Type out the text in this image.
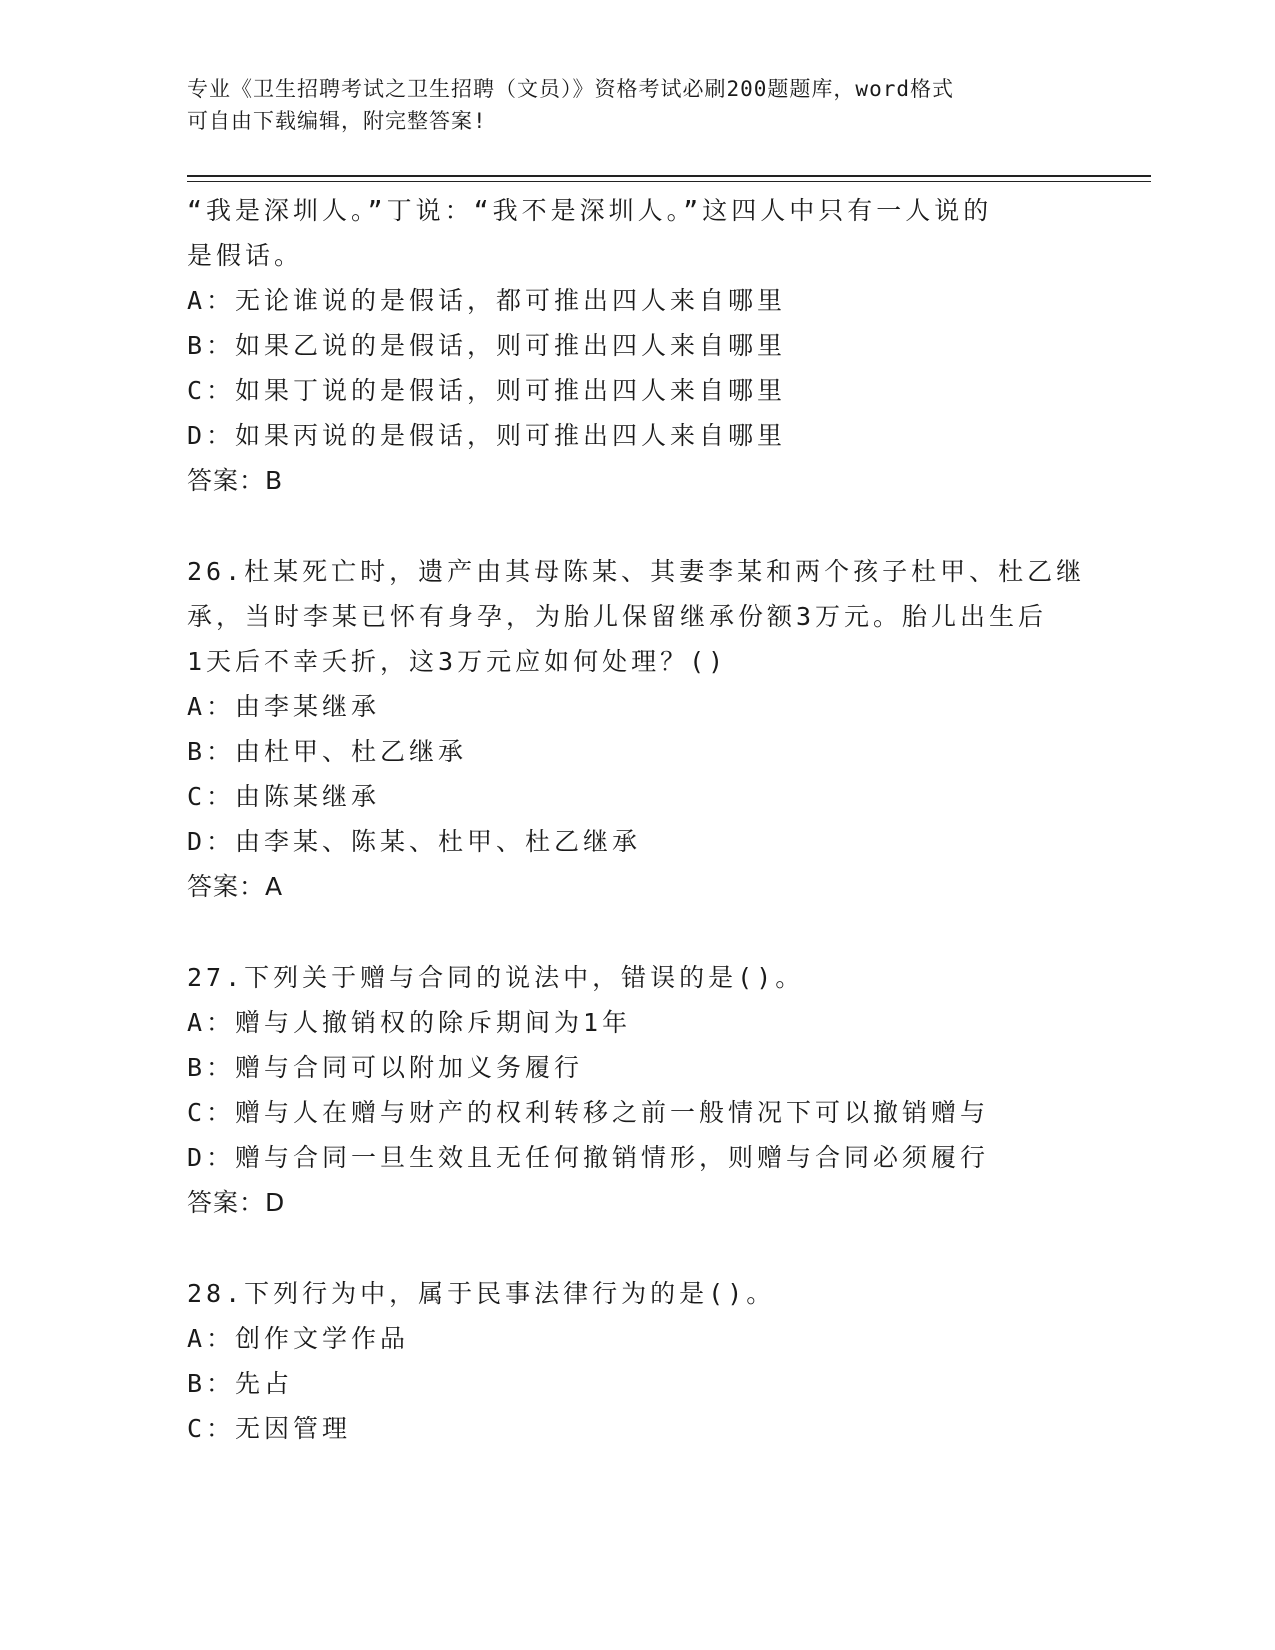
专业《卫生招聘考试之卫生招聘（文员）》资格考试必刷200题题库，word格式
可自由下载编辑，附完整答案!
“我是深圳人。”丁说：“我不是深圳人。”这四人中只有一人说的
是假话。
A：无论谁说的是假话，都可推出四人来自哪里
B：如果乙说的是假话，则可推出四人来自哪里
C：如果丁说的是假话，则可推出四人来自哪里
D：如果丙说的是假话，则可推出四人来自哪里
答案：B
26.杜某死亡时，遗产由其母陈某、其妻李某和两个孩子杜甲、杜乙继
承，当时李某已怀有身孕，为胎儿保留继承份额3万元。胎儿出生后
1天后不幸夭折，这3万元应如何处理？()
A：由李某继承
B：由杜甲、杜乙继承
C：由陈某继承
D：由李某、陈某、杜甲、杜乙继承
答案：A
27.下列关于赠与合同的说法中，错误的是()。
A：赠与人撤销权的除斥期间为1年
B：赠与合同可以附加义务履行
C：赠与人在赠与财产的权利转移之前一般情况下可以撤销赠与
D：赠与合同一旦生效且无任何撤销情形，则赠与合同必须履行
答案：D
28.下列行为中，属于民事法律行为的是()。
A：创作文学作品
B：先占
C：无因管理
